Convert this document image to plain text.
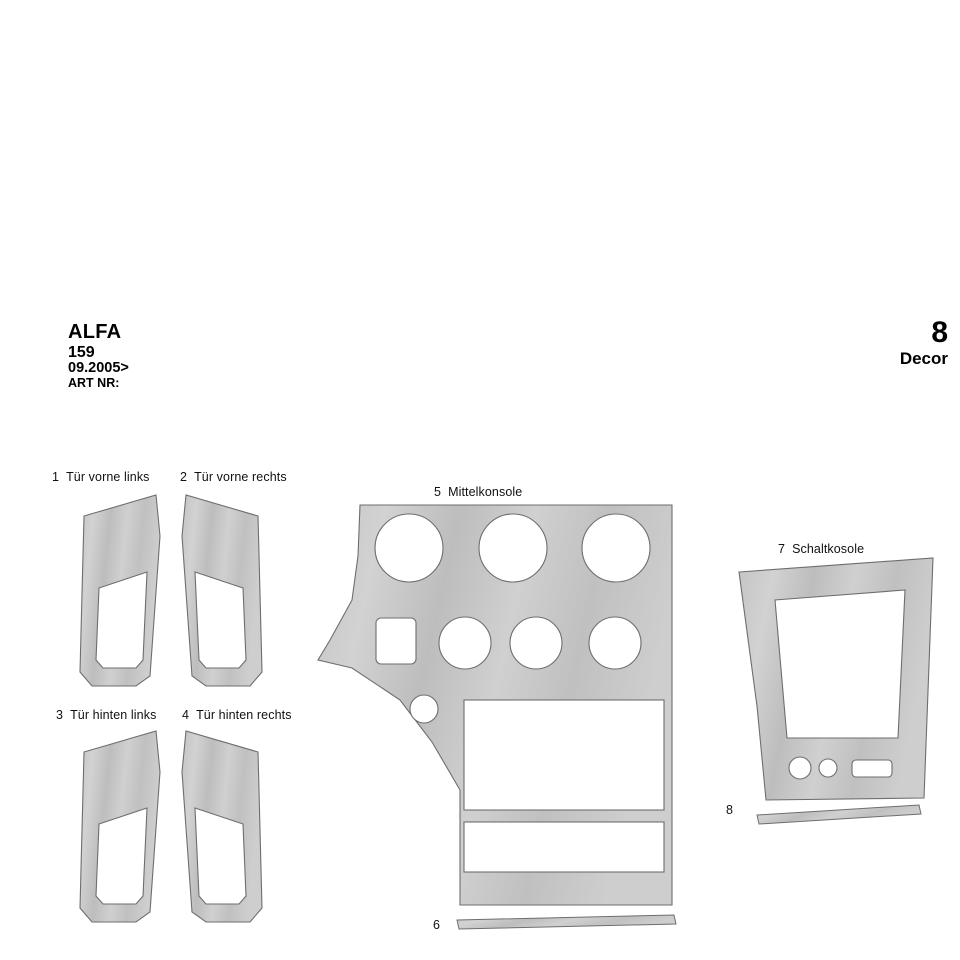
ALFA
159
09.2005>
ART NR:
8
Decor
1 Tür vorne links 2 Tür vorne rechts
3 Tür hinten links 4 Tür hinten rechts
5 Mittelkonsole
6
7 Schaltkosole
8
